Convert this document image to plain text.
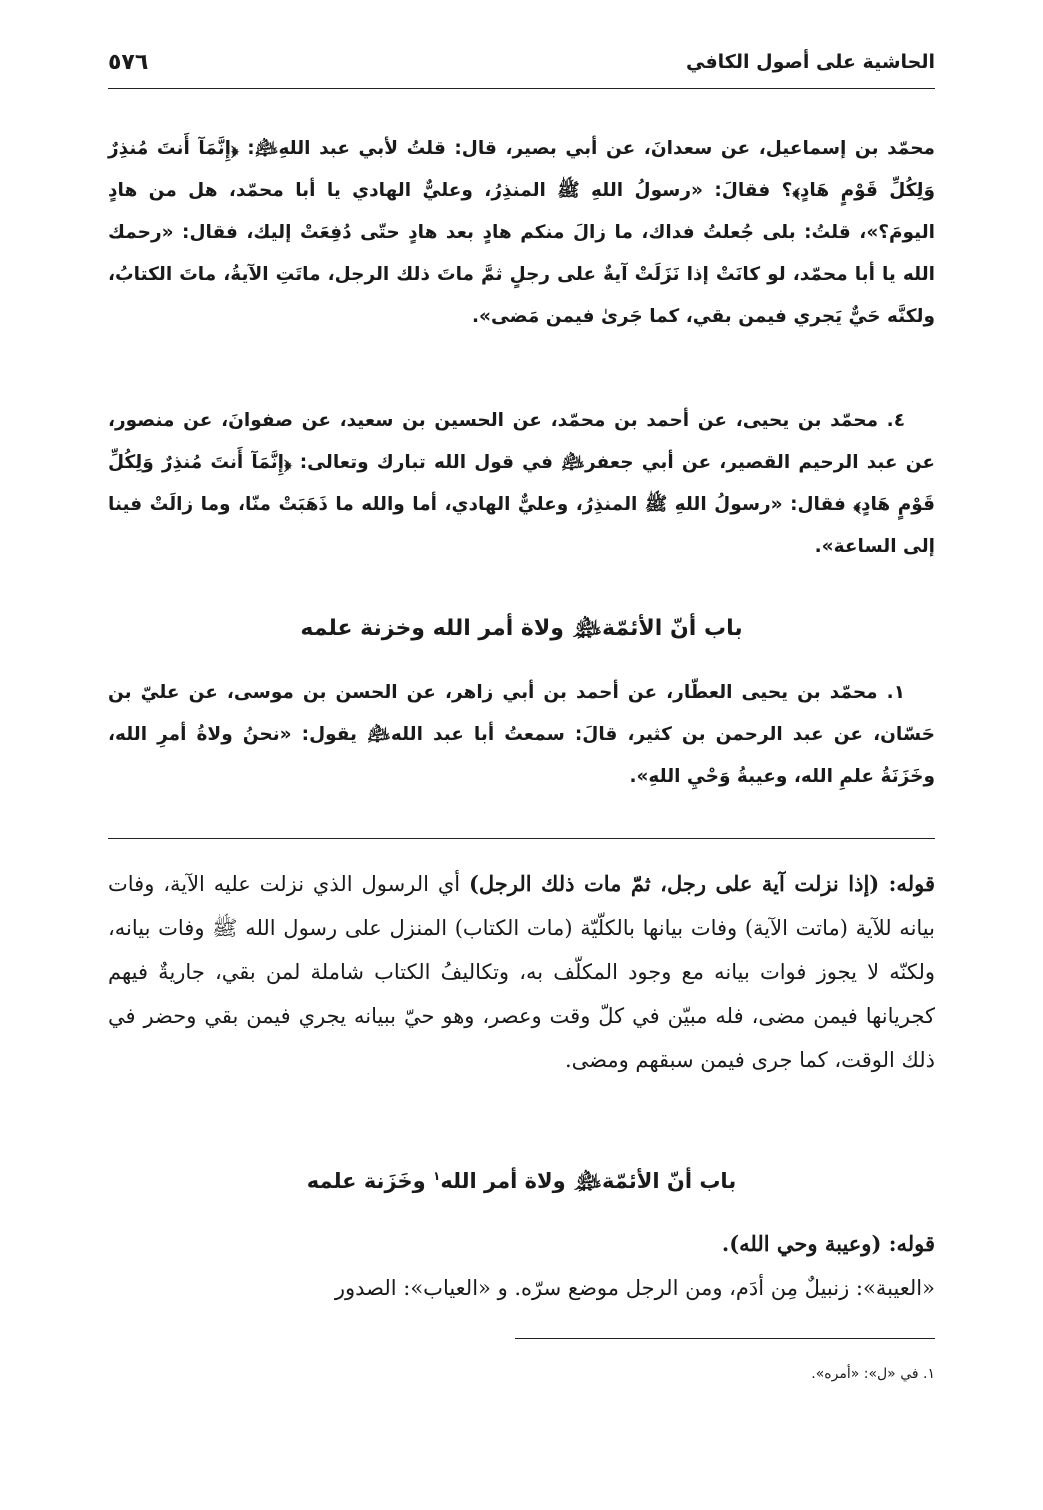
الحاشية على أصول الكافي
٥٧٦

محمّد بن إسماعيل، عن سعدانَ، عن أبي بصير، قال: قلتُ لأبي عبد اللهِ﵇: ﴿إِنَّمَآ أَنتَ مُنذِرٌ وَلِكُلِّ قَوْمٍ هَادٍ﴾؟ فقالَ: «رسولُ اللهِ ﷺ المنذِرُ، وعليٌّ الهادي يا أبا محمّد، هل من هادٍ اليومَ؟»، قلتُ: بلى جُعلتُ فداك، ما زالَ منكم هادٍ بعد هادٍ حتّى دُفِعَتْ إليك، فقال: «رحمك الله يا أبا محمّد، لو كانَتْ إذا نَزَلَتْ آيةٌ على رجلٍ ثمَّ ماتَ ذلك الرجل، ماتَتِ الآيةُ، ماتَ الكتابُ، ولكنَّه حَيٌّ يَجري فيمن بقي، كما جَرىٰ فيمن مَضى».

٤. محمّد بن يحيى، عن أحمد بن محمّد، عن الحسين بن سعيد، عن صفوانَ، عن منصور، عن عبد الرحيم القصير، عن أبي جعفر﵇ في قول الله تبارك وتعالى: ﴿إِنَّمَآ أَنتَ مُنذِرٌ وَلِكُلِّ قَوْمٍ هَادٍ﴾ فقال: «رسولُ اللهِ ﷺ المنذِرُ، وعليٌّ الهادي، أما والله ما ذَهَبَتْ منّا، وما زالَتْ فينا إلى الساعة».

باب أنّ الأئمّة﵈ ولاة أمر الله وخزنة علمه

١. محمّد بن يحيى العطّار، عن أحمد بن أبي زاهر، عن الحسن بن موسى، عن عليّ بن حَسّان، عن عبد الرحمن بن كثير، قالَ: سمعتُ أبا عبد الله﵇ يقول: «نحنُ ولاةُ أمرِ الله، وخَزَنَةُ علمِ الله، وعيبةُ وَحْيِ اللهِ».

قوله: (إذا نزلت آية على رجل، ثمّ مات ذلك الرجل) أي الرسول الذي نزلت عليه الآية، وفات بيانه للآية (ماتت الآية) وفات بيانها بالكلّيّة (مات الكتاب) المنزل على رسول الله ﷺ وفات بيانه، ولكنّه لا يجوز فوات بيانه مع وجود المكلّف به، وتكاليفُ الكتاب شاملة لمن بقي، جاريةٌ فيهم كجريانها فيمن مضى، فله مبيّن في كلّ وقت وعصر، وهو حيّ ببيانه يجري فيمن بقي وحضر في ذلك الوقت، كما جرى فيمن سبقهم ومضى.

باب أنّ الأئمّة﵈ ولاة أمر الله$^١$ وخَزَنة علمه

قوله: (وعيبة وحي الله).

«العيبة»: زنبيلٌ مِن أدَم، ومن الرجل موضع سرّه. و «العياب»: الصدور

١. في «ل»: «أمره».
